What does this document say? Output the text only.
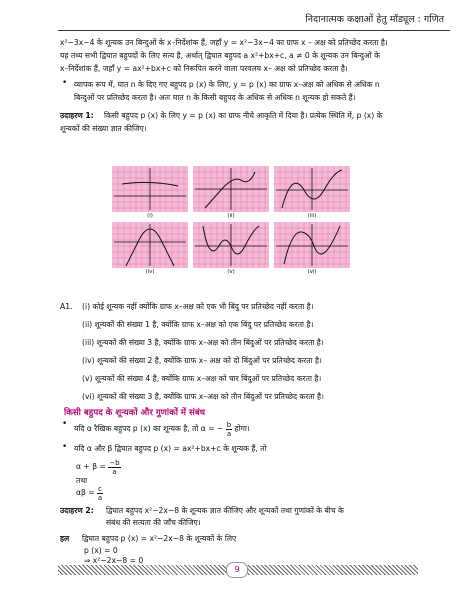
निदानात्मक कक्षाओं हेतु मॉड्यूल : गणित
x²−3x−4 के शून्यक उन बिन्दुओं के x–निर्देशांक हैं, जहाँ y = x²−3x−4 का ग्राफ x – अक्ष को प्रतिच्छेद करता है।
यह तथ्य सभी द्विघात बहुपदों के लिए सत्य है, अर्थात् द्विघात बहुपद a x²+bx+c, a ≠ 0 के शून्यक उन बिन्दुओं के
x–निर्देशांक हैं, जहाँ y = ax²+bx+c को निरूपित करने वाला परवलय x– अक्ष को प्रतिच्छेद करता है।
• व्यापक रूप में, घात n के दिए गए बहुपद p (x) के लिए, y = p (x) का ग्राफ x–अक्ष को अधिक से अधिक n
बिन्दुओं पर प्रतिच्छेद करता है। अतः घात n के किसी बहुपद के अधिक से अधिक n शून्यक हो सकते हैं।
उदाहरण 1: किसी बहुपद p (x) के लिए y = p (x) का ग्राफ नीचे आकृति में दिया है। प्रत्येक स्थिति में, p (x) के
शून्यकों की संख्या ज्ञात कीजिए।
(i)	(ii)	(iii)
(iv)	(v)	(vi)
A1. (i) कोई शून्यक नहीं क्योंकि ग्राफ x–अक्ष को एक भी बिंदु पर प्रतिच्छेद नहीं करता है।
(ii) शून्यकों की संख्या 1 है, क्योंकि ग्राफ x–अक्ष को एक बिंदु पर प्रतिच्छेद करता है।
(iii) शून्यकों की संख्या 3 है, क्योंकि ग्राफ x–अक्ष को तीन बिंदुओं पर प्रतिच्छेद करता है।
(iv) शून्यकों की संख्या 2 है, क्योंकि ग्राफ x– अक्ष को दो बिंदुओं पर प्रतिच्छेद करता है।
(v) शून्यकों की संख्या 4 है, क्योंकि ग्राफ x–अक्ष को चार बिंदुओं पर प्रतिच्छेद करता है।
(vi) शून्यकों की संख्या 3 है, क्योंकि ग्राफ x–अक्ष को तीन बिंदुओं पर प्रतिच्छेद करता है।
किसी बहुपद के शून्यकों और गुणांकों में संबंध
• यदि α रैखिक बहुपद p (x) का शून्यक है, तो α = − $\frac{b}{a}$ होगा।
• यदि α और β द्विघात बहुपद p (x) = ax²+bx+c के शून्यक हैं, तो
$\alpha + \beta = \frac{-b}{a}$
तथा
$\alpha\beta = \frac{c}{a}$
उदाहरण 2: द्विघात बहुपद x²−2x−8 के शून्यक ज्ञात कीजिए और शून्यकों तथा गुणांकों के बीच के
संबंध की सत्यता की जाँच कीजिए।
हल द्विघात बहुपद p (x) = x²−2x−8 के शून्यकों के लिए
p (x) = 0
⇒ x²−2x−8 = 0
9
